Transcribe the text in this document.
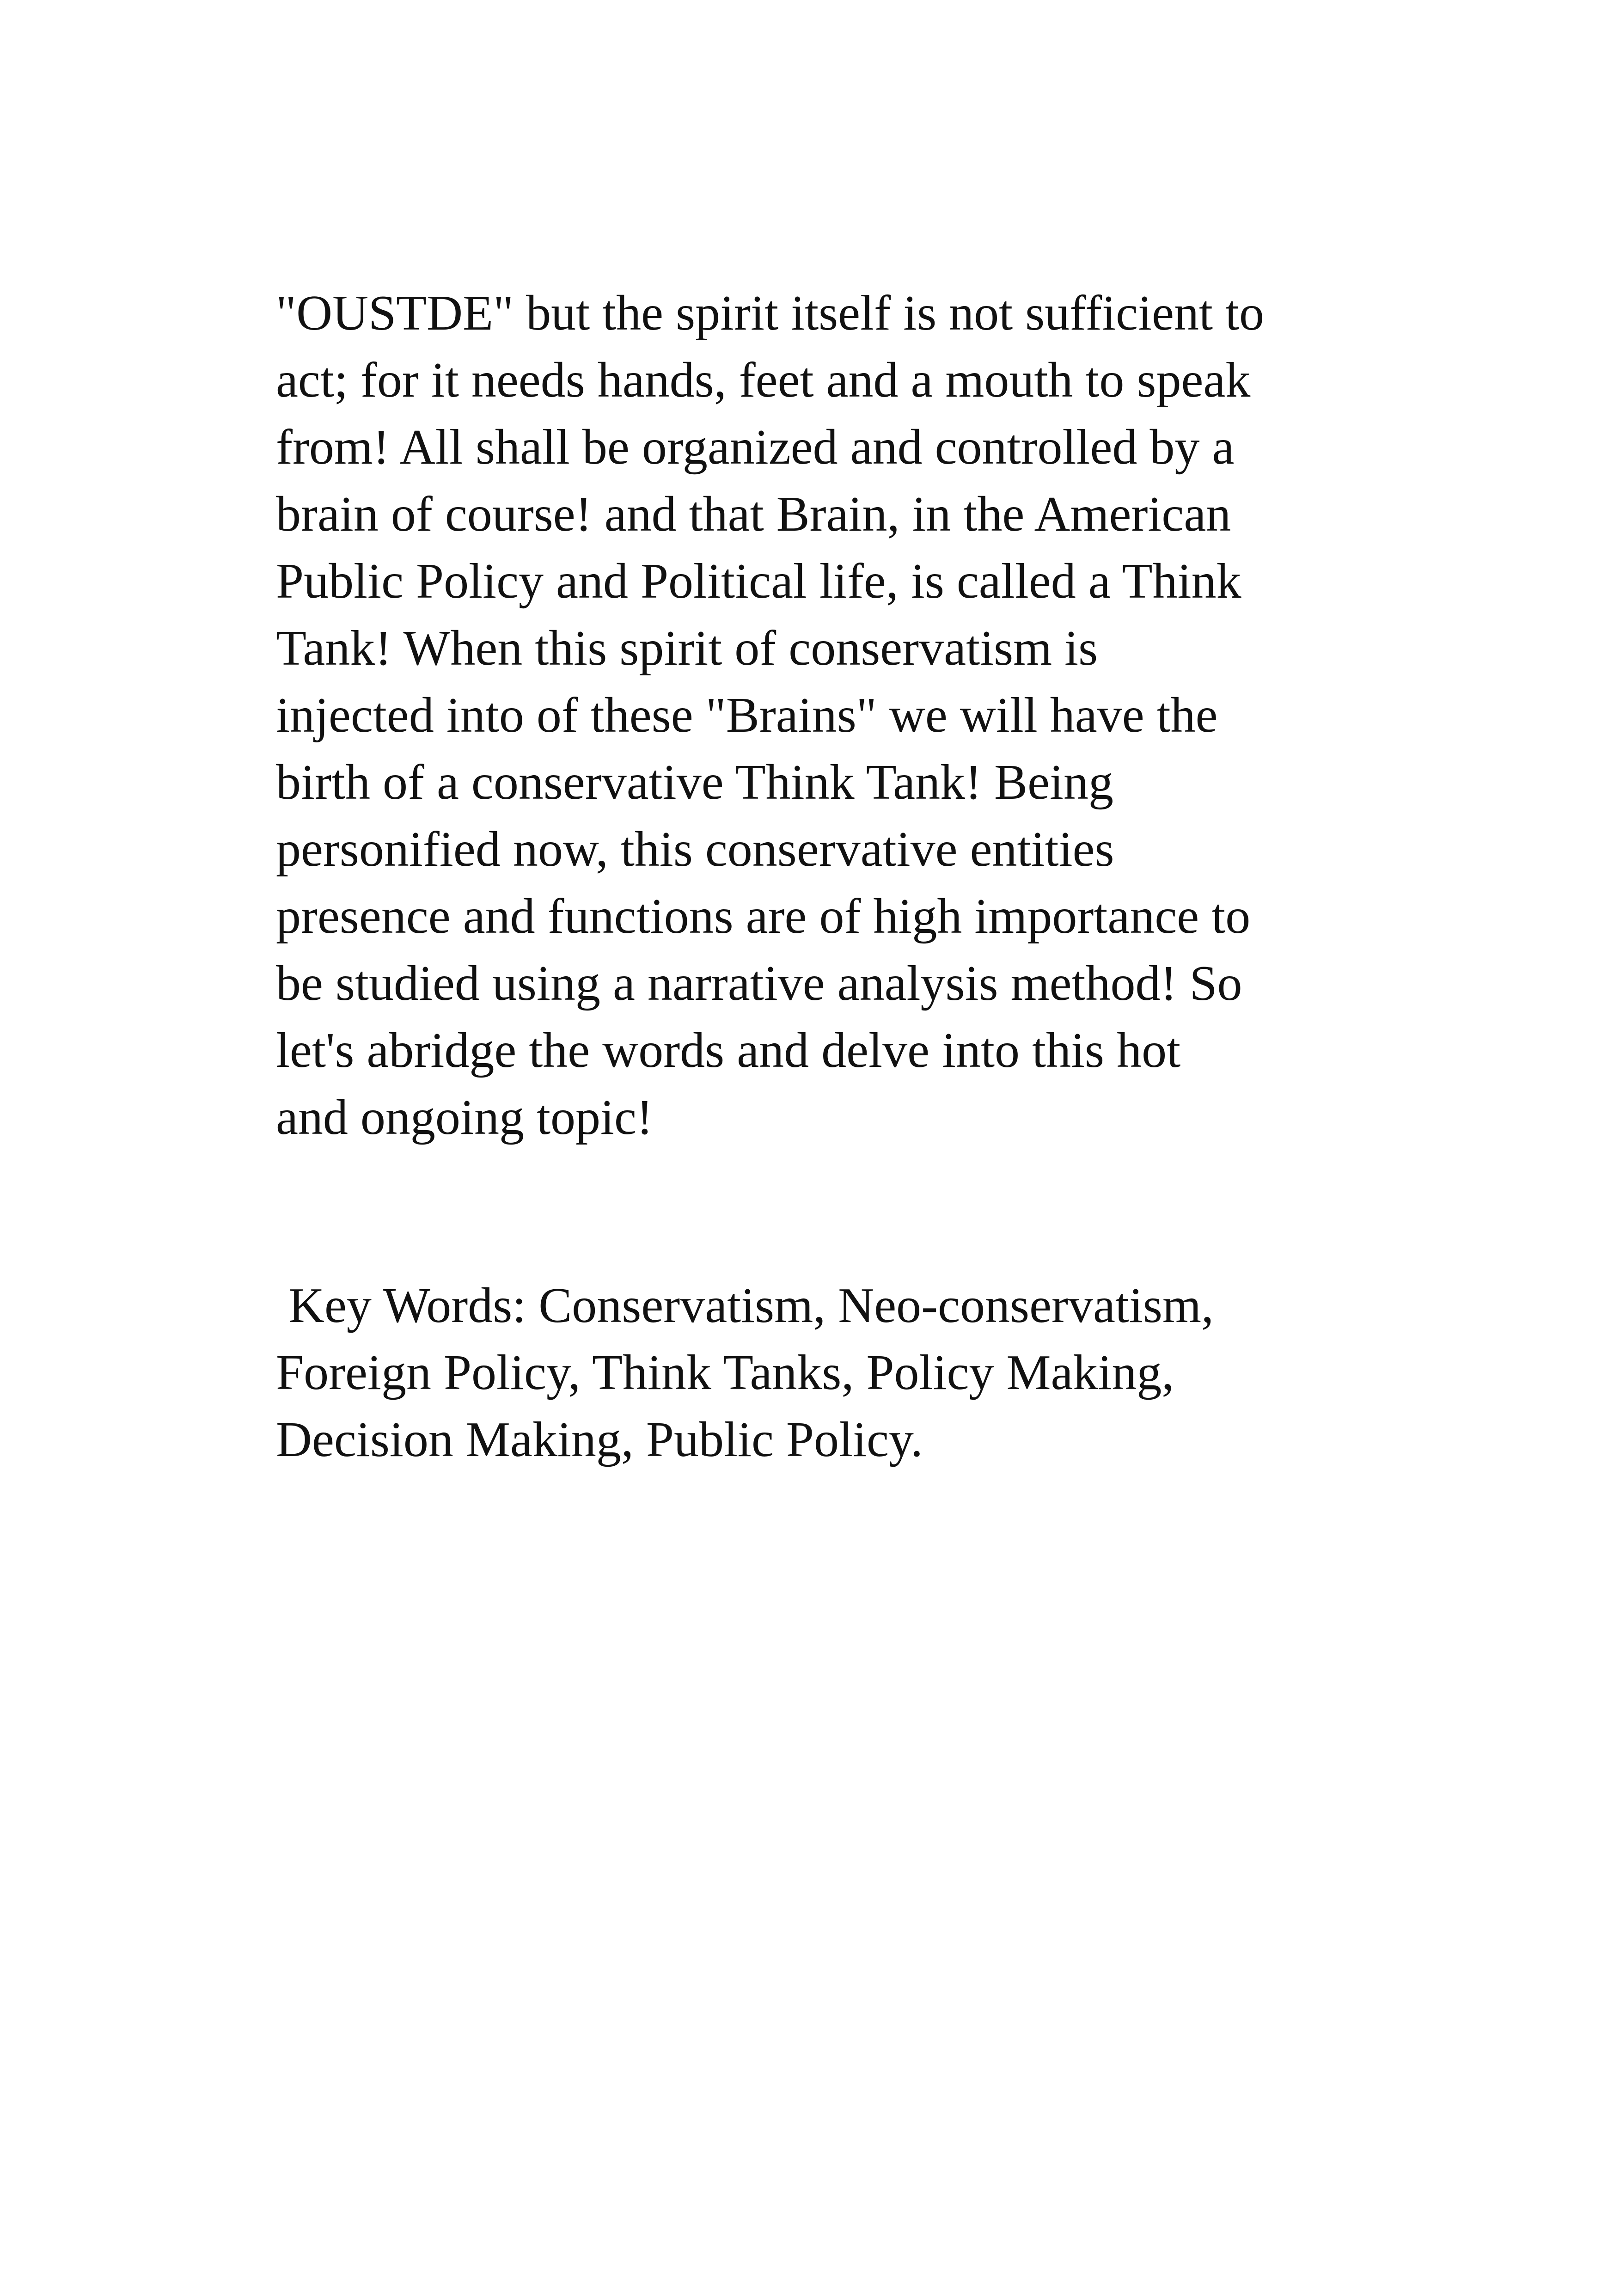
"OUSTDE" but the spirit itself is not sufficient to
act; for it needs hands, feet and a mouth to speak
from! All shall be organized and controlled by a
brain of course! and that Brain, in the American
Public Policy and Political life, is called a Think
Tank! When this spirit of conservatism is
injected into of these "Brains" we will have the
birth of a conservative Think Tank! Being
personified now, this conservative entities
presence and functions are of high importance to
be studied using a narrative analysis method! So
let's abridge the words and delve into this hot
and ongoing topic!
Key Words: Conservatism, Neo-conservatism,
Foreign Policy, Think Tanks, Policy Making,
Decision Making, Public Policy.
